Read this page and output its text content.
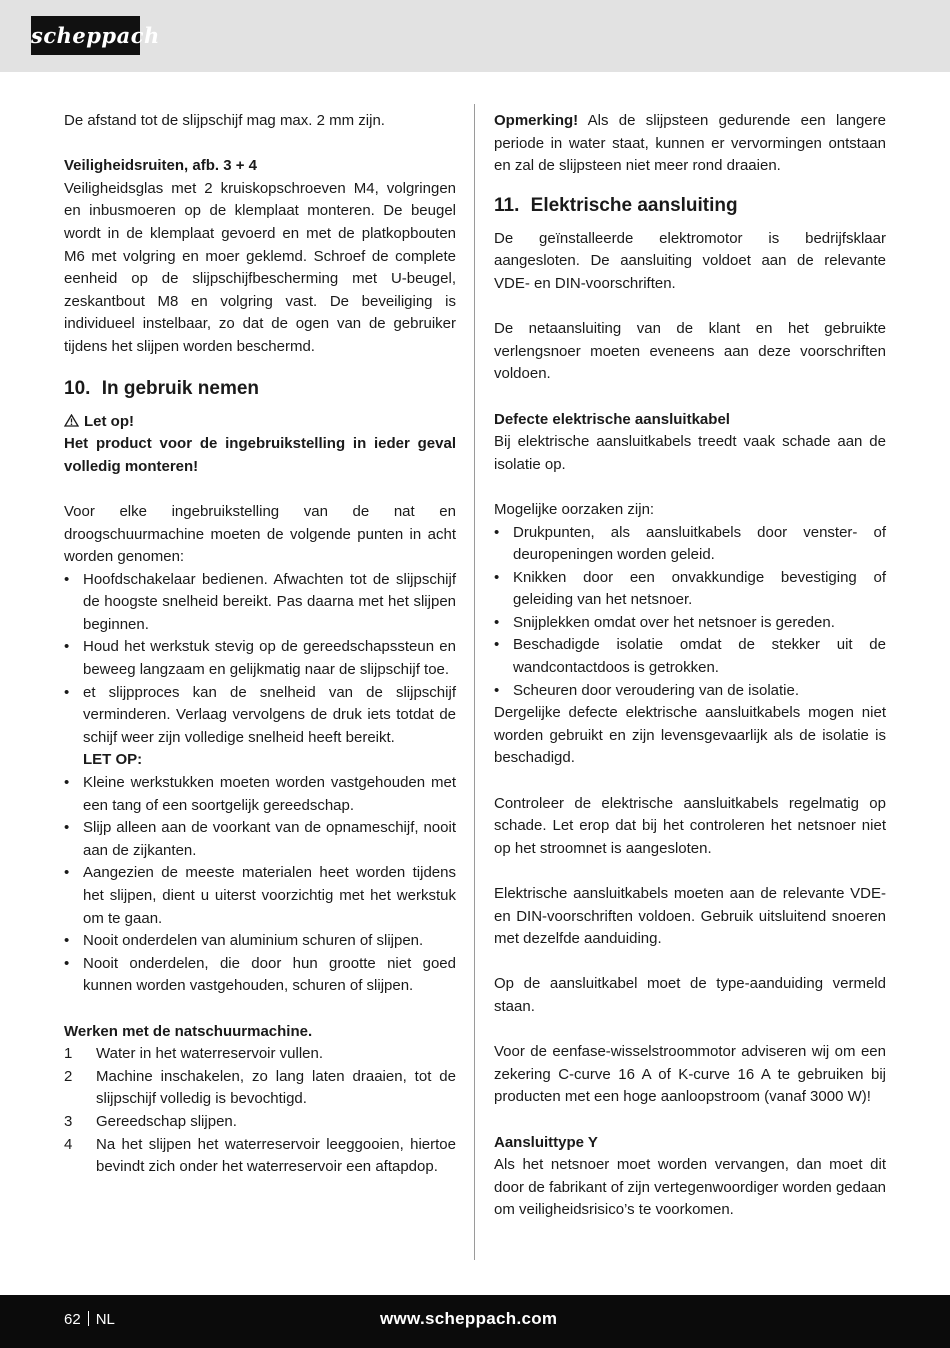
scheppach

De afstand tot de slijpschijf mag max. 2 mm zijn.

Veiligheidsruiten, afb. 3 + 4

Veiligheidsglas met 2 kruiskopschroeven M4, volgringen en inbusmoeren op de klemplaat monteren. De beugel wordt in de klemplaat gevoerd en met de platkopbouten M6 met volgring en moer geklemd. Schroef de complete eenheid op de slijpschijfbescherming met U-beugel, zeskantbout M8 en volgring vast. De beveiliging is individueel instelbaar, zo dat de ogen van de gebruiker tijdens het slijpen worden beschermd.

10. In gebruik nemen

Let op!

Het product voor de ingebruikstelling in ieder geval volledig monteren!

Voor elke ingebruikstelling van de nat en droogschuurmachine moeten de volgende punten in acht worden genomen:

• Hoofdschakelaar bedienen. Afwachten tot de slijpschijf de hoogste snelheid bereikt. Pas daarna met het slijpen beginnen.
• Houd het werkstuk stevig op de gereedschapssteun en beweeg langzaam en gelijkmatig naar de slijpschijf toe.
• et slijpproces kan de snelheid van de slijpschijf verminderen. Verlaag vervolgens de druk iets totdat de schijf weer zijn volledige snelheid heeft bereikt.
LET OP:
• Kleine werkstukken moeten worden vastgehouden met een tang of een soortgelijk gereedschap.
• Slijp alleen aan de voorkant van de opnameschijf, nooit aan de zijkanten.
• Aangezien de meeste materialen heet worden tijdens het slijpen, dient u uiterst voorzichtig met het werkstuk om te gaan.
• Nooit onderdelen van aluminium schuren of slijpen.
• Nooit onderdelen, die door hun grootte niet goed kunnen worden vastgehouden, schuren of slijpen.

Werken met de natschuurmachine.

1 Water in het waterreservoir vullen.
2 Machine inschakelen, zo lang laten draaien, tot de slijpschijf volledig is bevochtigd.
3 Gereedschap slijpen.
4 Na het slijpen het waterreservoir leeggooien, hiertoe bevindt zich onder het waterreservoir een aftapdop.

Opmerking! Als de slijpsteen gedurende een langere periode in water staat, kunnen er vervormingen ontstaan en zal de slijpsteen niet meer rond draaien.

11. Elektrische aansluiting

De geïnstalleerde elektromotor is bedrijfsklaar aangesloten. De aansluiting voldoet aan de relevante VDE- en DIN-voorschriften.

De netaansluiting van de klant en het gebruikte verlengsnoer moeten eveneens aan deze voorschriften voldoen.

Defecte elektrische aansluitkabel

Bij elektrische aansluitkabels treedt vaak schade aan de isolatie op.

Mogelijke oorzaken zijn:

• Drukpunten, als aansluitkabels door venster- of deuropeningen worden geleid.
• Knikken door een onvakkundige bevestiging of geleiding van het netsnoer.
• Snijplekken omdat over het netsnoer is gereden.
• Beschadigde isolatie omdat de stekker uit de wandcontactdoos is getrokken.
• Scheuren door veroudering van de isolatie.

Dergelijke defecte elektrische aansluitkabels mogen niet worden gebruikt en zijn levensgevaarlijk als de isolatie is beschadigd.

Controleer de elektrische aansluitkabels regelmatig op schade. Let erop dat bij het controleren het netsnoer niet op het stroomnet is aangesloten.

Elektrische aansluitkabels moeten aan de relevante VDE- en DIN-voorschriften voldoen. Gebruik uitsluitend snoeren met dezelfde aanduiding.

Op de aansluitkabel moet de type-aanduiding vermeld staan.

Voor de eenfase-wisselstroommotor adviseren wij om een zekering C-curve 16 A of K-curve 16 A te gebruiken bij producten met een hoge aanloopstroom (vanaf 3000 W)!

Aansluittype Y

Als het netsnoer moet worden vervangen, dan moet dit door de fabrikant of zijn vertegenwoordiger worden gedaan om veiligheidsrisico’s te voorkomen.

62 NL	www.scheppach.com
